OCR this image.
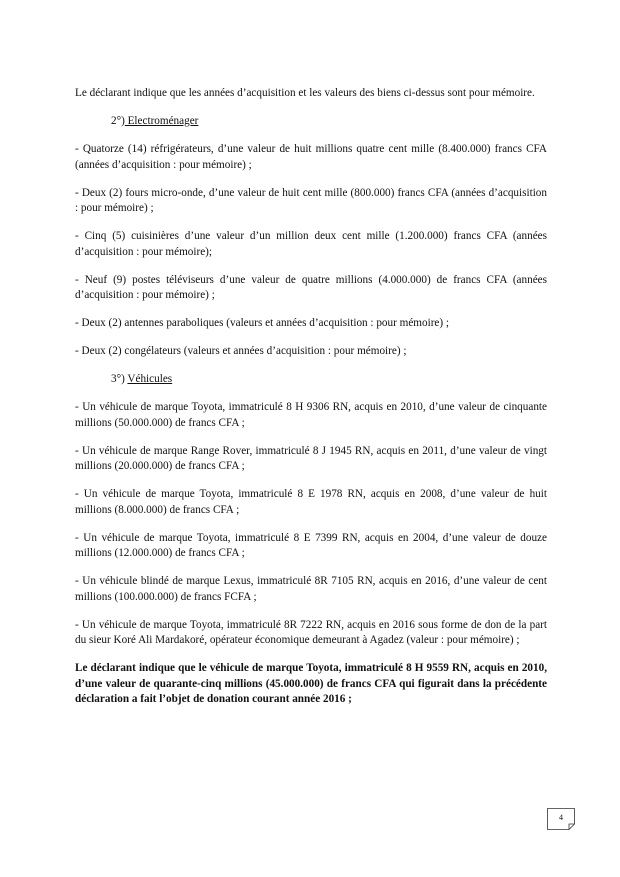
Le déclarant indique que les années d’acquisition et les valeurs des biens ci-dessus sont pour mémoire.

2°) Electroménager

- Quatorze (14) réfrigérateurs, d’une valeur de huit millions quatre cent mille (8.400.000) francs CFA (années d’acquisition : pour mémoire) ;

- Deux (2) fours micro-onde, d’une valeur de huit cent mille (800.000) francs CFA (années d’acquisition : pour mémoire) ;

- Cinq (5) cuisinières d’une valeur d’un million deux cent mille (1.200.000) francs CFA (années d’acquisition : pour mémoire);

- Neuf (9) postes téléviseurs d’une valeur de quatre millions (4.000.000) de francs CFA (années d’acquisition : pour mémoire) ;

- Deux (2) antennes paraboliques (valeurs et années d’acquisition : pour mémoire) ;

- Deux (2) congélateurs (valeurs et années d’acquisition : pour mémoire) ;

3°) Véhicules

- Un véhicule de marque Toyota, immatriculé 8 H 9306 RN, acquis en 2010, d’une valeur de cinquante millions (50.000.000) de francs CFA ;

- Un véhicule de marque Range Rover, immatriculé 8 J 1945 RN, acquis en 2011, d’une valeur de vingt millions (20.000.000) de francs CFA ;

- Un véhicule de marque Toyota, immatriculé 8 E 1978 RN, acquis en 2008, d’une valeur de huit millions (8.000.000) de francs CFA ;

- Un véhicule de marque Toyota, immatriculé 8 E 7399 RN, acquis en 2004, d’une valeur de douze millions (12.000.000) de francs CFA ;

- Un véhicule blindé de marque Lexus, immatriculé 8R 7105 RN, acquis en 2016, d’une valeur de cent millions (100.000.000) de francs FCFA ;

- Un véhicule de marque Toyota, immatriculé 8R 7222 RN, acquis en 2016 sous forme de don de la part du sieur Koré Ali Mardakoré, opérateur économique demeurant à Agadez (valeur : pour mémoire) ;

Le déclarant indique que le véhicule de marque Toyota, immatriculé 8 H 9559 RN, acquis en 2010, d’une valeur de quarante-cinq millions (45.000.000) de francs CFA qui figurait dans la précédente déclaration a fait l’objet de donation courant année 2016 ;

4
